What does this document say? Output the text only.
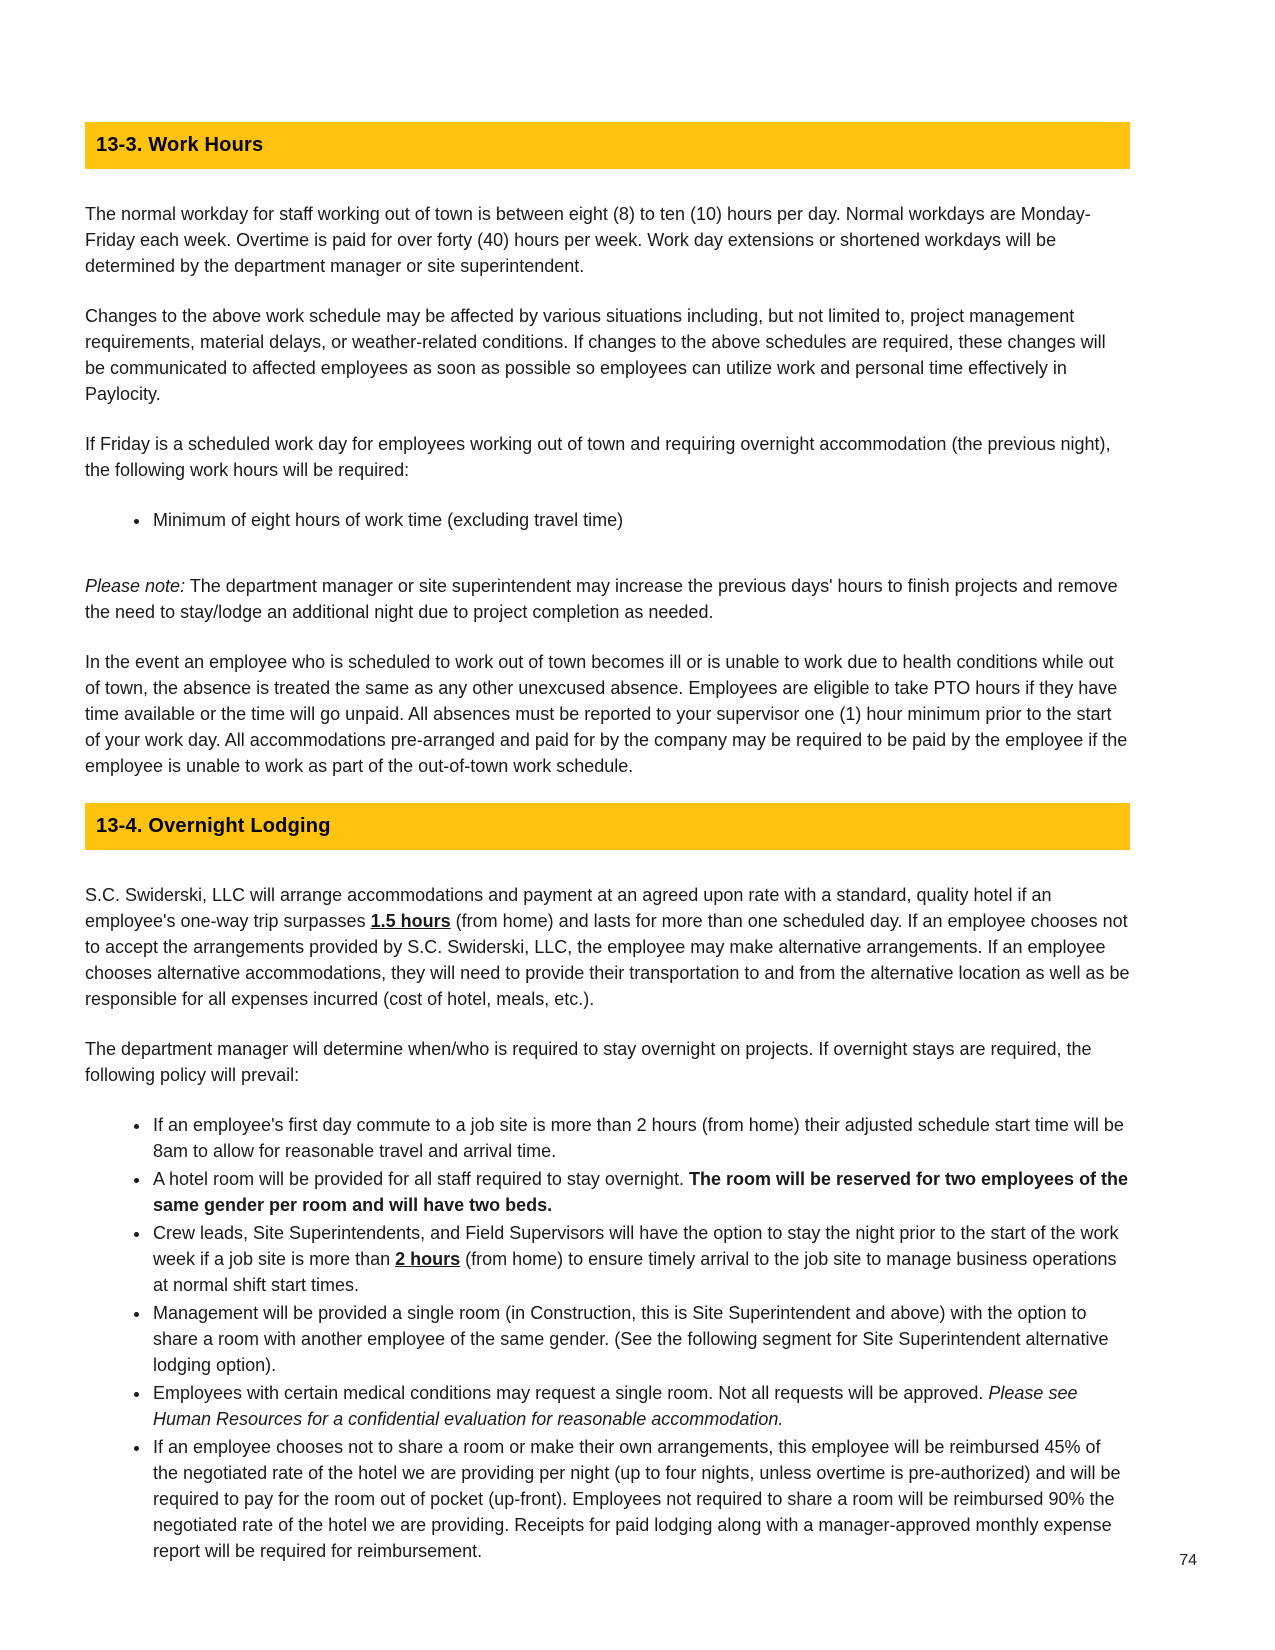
13-3. Work Hours

The normal workday for staff working out of town is between eight (8) to ten (10) hours per day. Normal workdays are Monday-Friday each week. Overtime is paid for over forty (40) hours per week. Work day extensions or shortened workdays will be determined by the department manager or site superintendent.

Changes to the above work schedule may be affected by various situations including, but not limited to, project management requirements, material delays, or weather-related conditions. If changes to the above schedules are required, these changes will be communicated to affected employees as soon as possible so employees can utilize work and personal time effectively in Paylocity.

If Friday is a scheduled work day for employees working out of town and requiring overnight accommodation (the previous night), the following work hours will be required:

• Minimum of eight hours of work time (excluding travel time)

Please note: The department manager or site superintendent may increase the previous days' hours to finish projects and remove the need to stay/lodge an additional night due to project completion as needed.

In the event an employee who is scheduled to work out of town becomes ill or is unable to work due to health conditions while out of town, the absence is treated the same as any other unexcused absence. Employees are eligible to take PTO hours if they have time available or the time will go unpaid. All absences must be reported to your supervisor one (1) hour minimum prior to the start of your work day. All accommodations pre-arranged and paid for by the company may be required to be paid by the employee if the employee is unable to work as part of the out-of-town work schedule.

13-4. Overnight Lodging

S.C. Swiderski, LLC will arrange accommodations and payment at an agreed upon rate with a standard, quality hotel if an employee's one-way trip surpasses 1.5 hours (from home) and lasts for more than one scheduled day. If an employee chooses not to accept the arrangements provided by S.C. Swiderski, LLC, the employee may make alternative arrangements. If an employee chooses alternative accommodations, they will need to provide their transportation to and from the alternative location as well as be responsible for all expenses incurred (cost of hotel, meals, etc.).

The department manager will determine when/who is required to stay overnight on projects. If overnight stays are required, the following policy will prevail:

• If an employee's first day commute to a job site is more than 2 hours (from home) their adjusted schedule start time will be 8am to allow for reasonable travel and arrival time.
• A hotel room will be provided for all staff required to stay overnight. The room will be reserved for two employees of the same gender per room and will have two beds.
• Crew leads, Site Superintendents, and Field Supervisors will have the option to stay the night prior to the start of the work week if a job site is more than 2 hours (from home) to ensure timely arrival to the job site to manage business operations at normal shift start times.
• Management will be provided a single room (in Construction, this is Site Superintendent and above) with the option to share a room with another employee of the same gender. (See the following segment for Site Superintendent alternative lodging option).
• Employees with certain medical conditions may request a single room. Not all requests will be approved. Please see Human Resources for a confidential evaluation for reasonable accommodation.
• If an employee chooses not to share a room or make their own arrangements, this employee will be reimbursed 45% of the negotiated rate of the hotel we are providing per night (up to four nights, unless overtime is pre-authorized) and will be required to pay for the room out of pocket (up-front). Employees not required to share a room will be reimbursed 90% the negotiated rate of the hotel we are providing. Receipts for paid lodging along with a manager-approved monthly expense report will be required for reimbursement.	74
